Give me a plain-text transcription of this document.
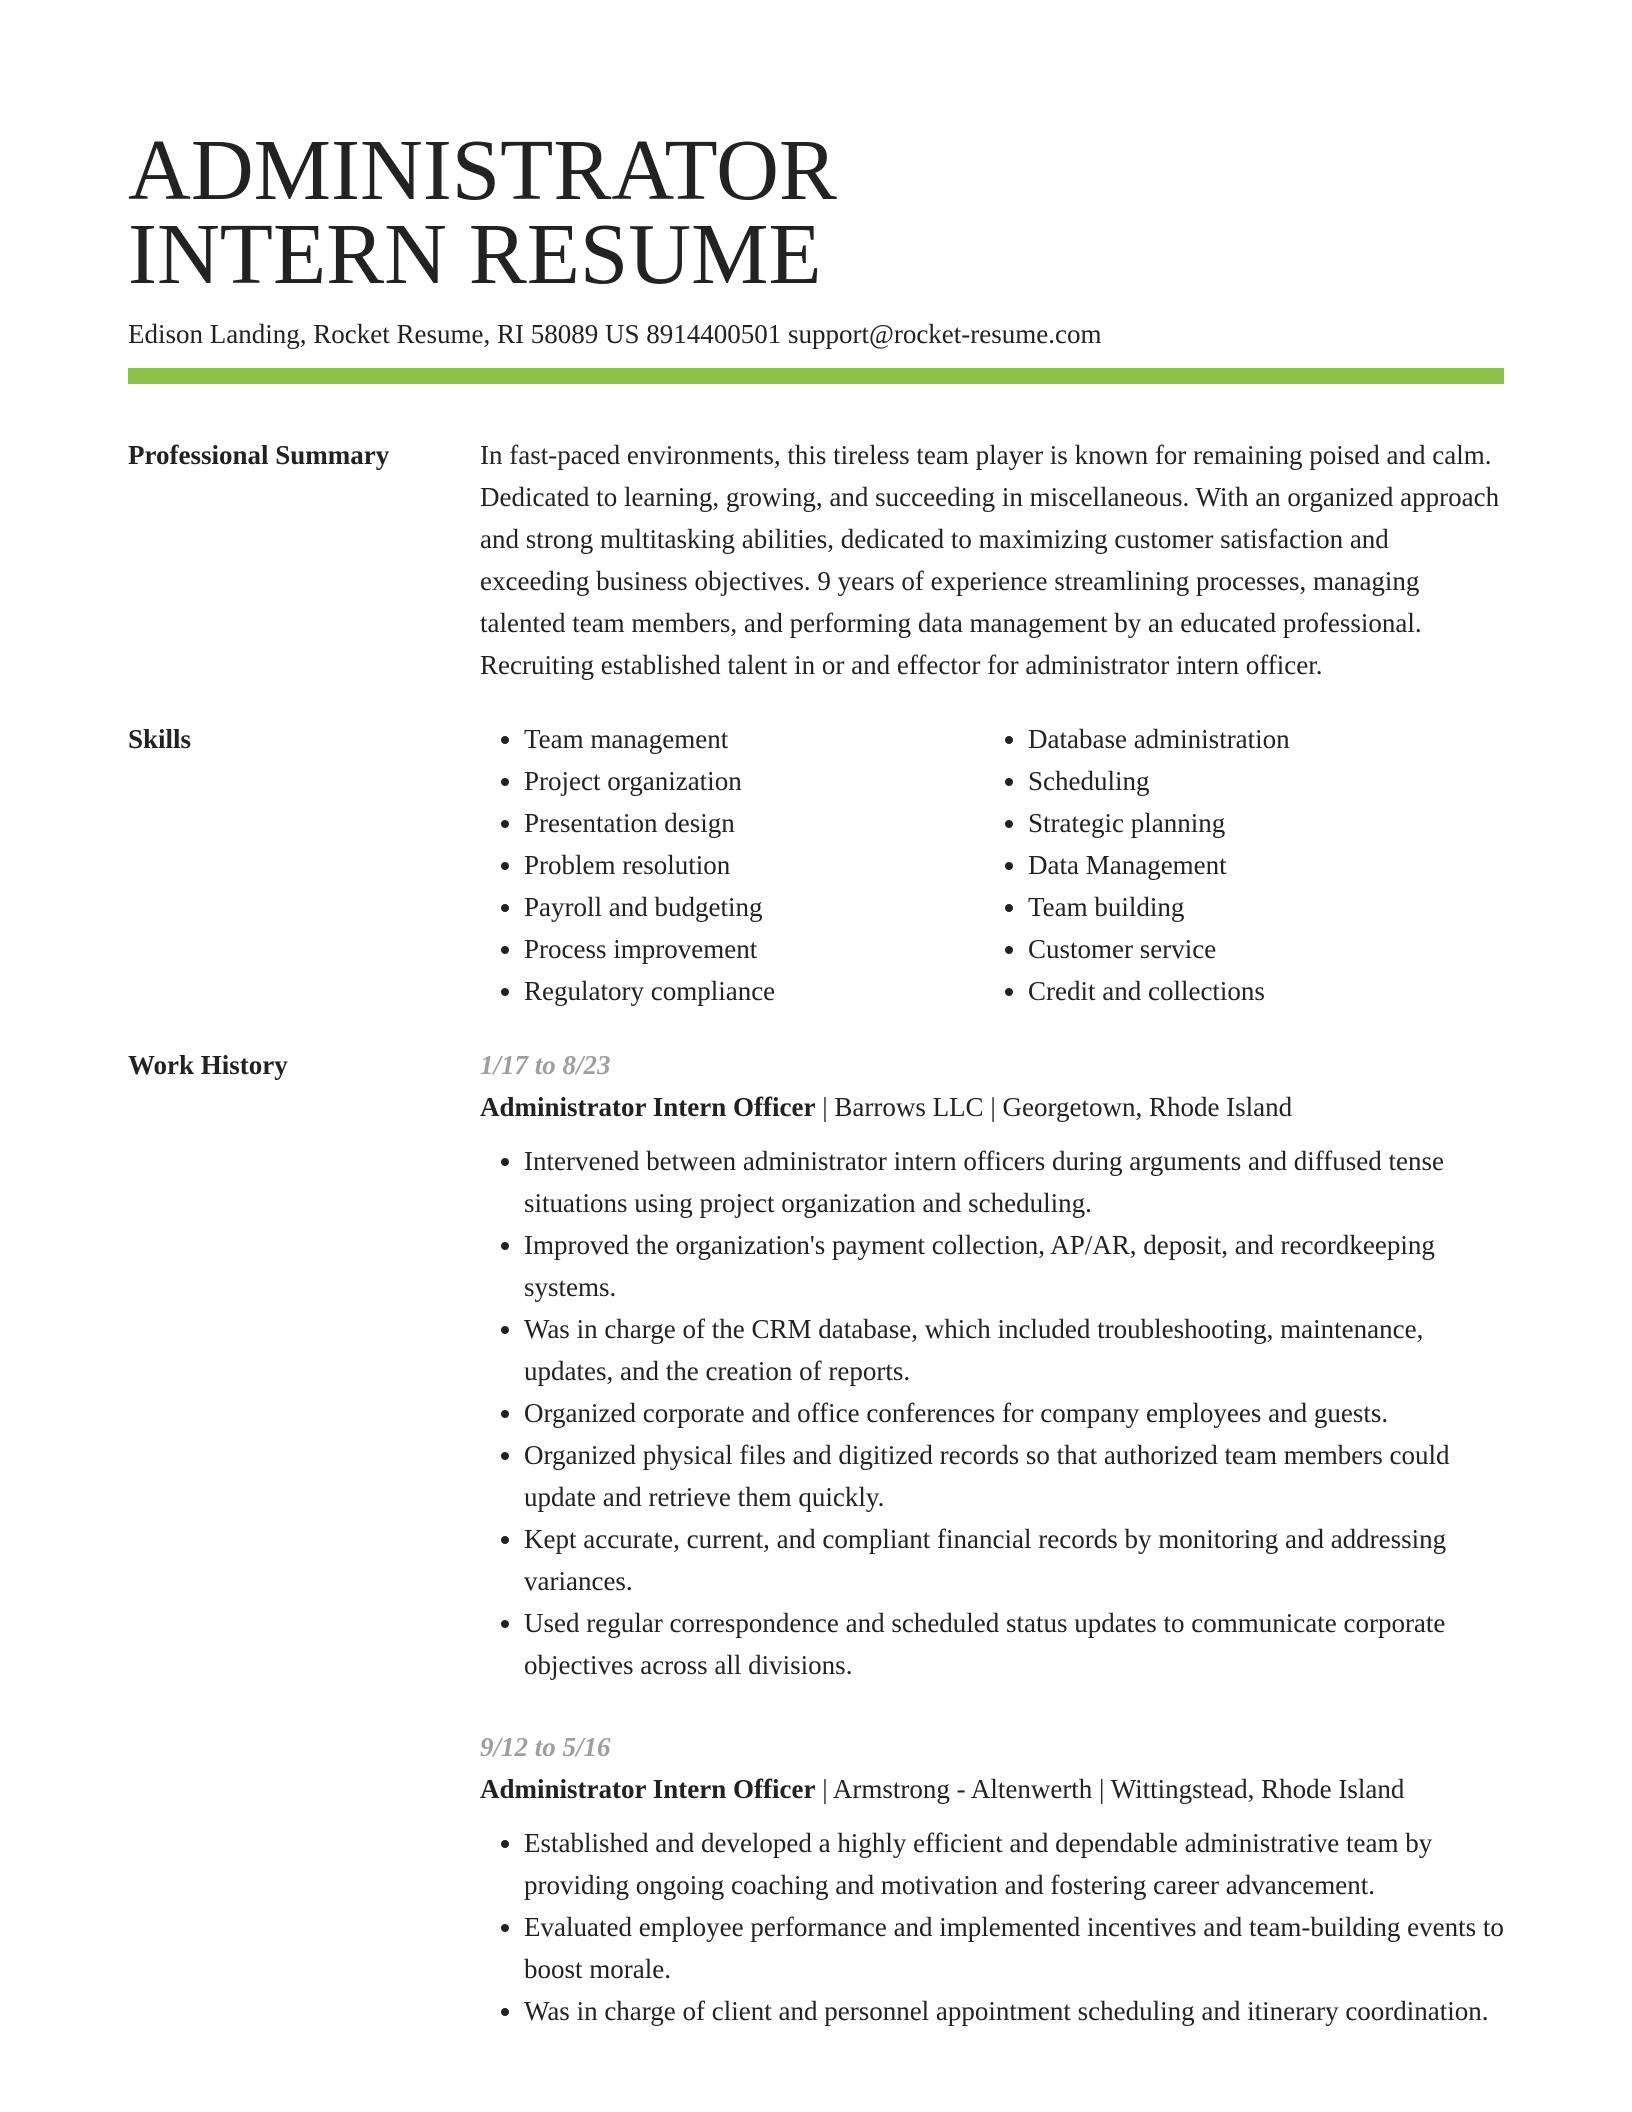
ADMINISTRATOR
INTERN RESUME
Edison Landing, Rocket Resume, RI 58089 US 8914400501 support@rocket-resume.com
Professional Summary	In fast-paced environments, this tireless team player is known for remaining poised and calm. Dedicated to learning, growing, and succeeding in miscellaneous. With an organized approach and strong multitasking abilities, dedicated to maximizing customer satisfaction and exceeding business objectives. 9 years of experience streamlining processes, managing talented team members, and performing data management by an educated professional. Recruiting established talent in or and effector for administrator intern officer.
Skills
•	Team management
• Project organization
• Presentation design
• Problem resolution
• Payroll and budgeting
• Process improvement
• Regulatory compliance
• Database administration
• Scheduling
• Strategic planning
• Data Management
• Team building
• Customer service
• Credit and collections
Work History	1/17 to 8/23
Administrator Intern Officer | Barrows LLC | Georgetown, Rhode Island
• Intervened between administrator intern officers during arguments and diffused tense situations using project organization and scheduling.
• Improved the organization's payment collection, AP/AR, deposit, and recordkeeping systems.
• Was in charge of the CRM database, which included troubleshooting, maintenance, updates, and the creation of reports.
• Organized corporate and office conferences for company employees and guests.
• Organized physical files and digitized records so that authorized team members could update and retrieve them quickly.
• Kept accurate, current, and compliant financial records by monitoring and addressing variances.
• Used regular correspondence and scheduled status updates to communicate corporate objectives across all divisions.
9/12 to 5/16
Administrator Intern Officer | Armstrong - Altenwerth | Wittingstead, Rhode Island
• Established and developed a highly efficient and dependable administrative team by providing ongoing coaching and motivation and fostering career advancement.
• Evaluated employee performance and implemented incentives and team-building events to boost morale.
• Was in charge of client and personnel appointment scheduling and itinerary coordination.
